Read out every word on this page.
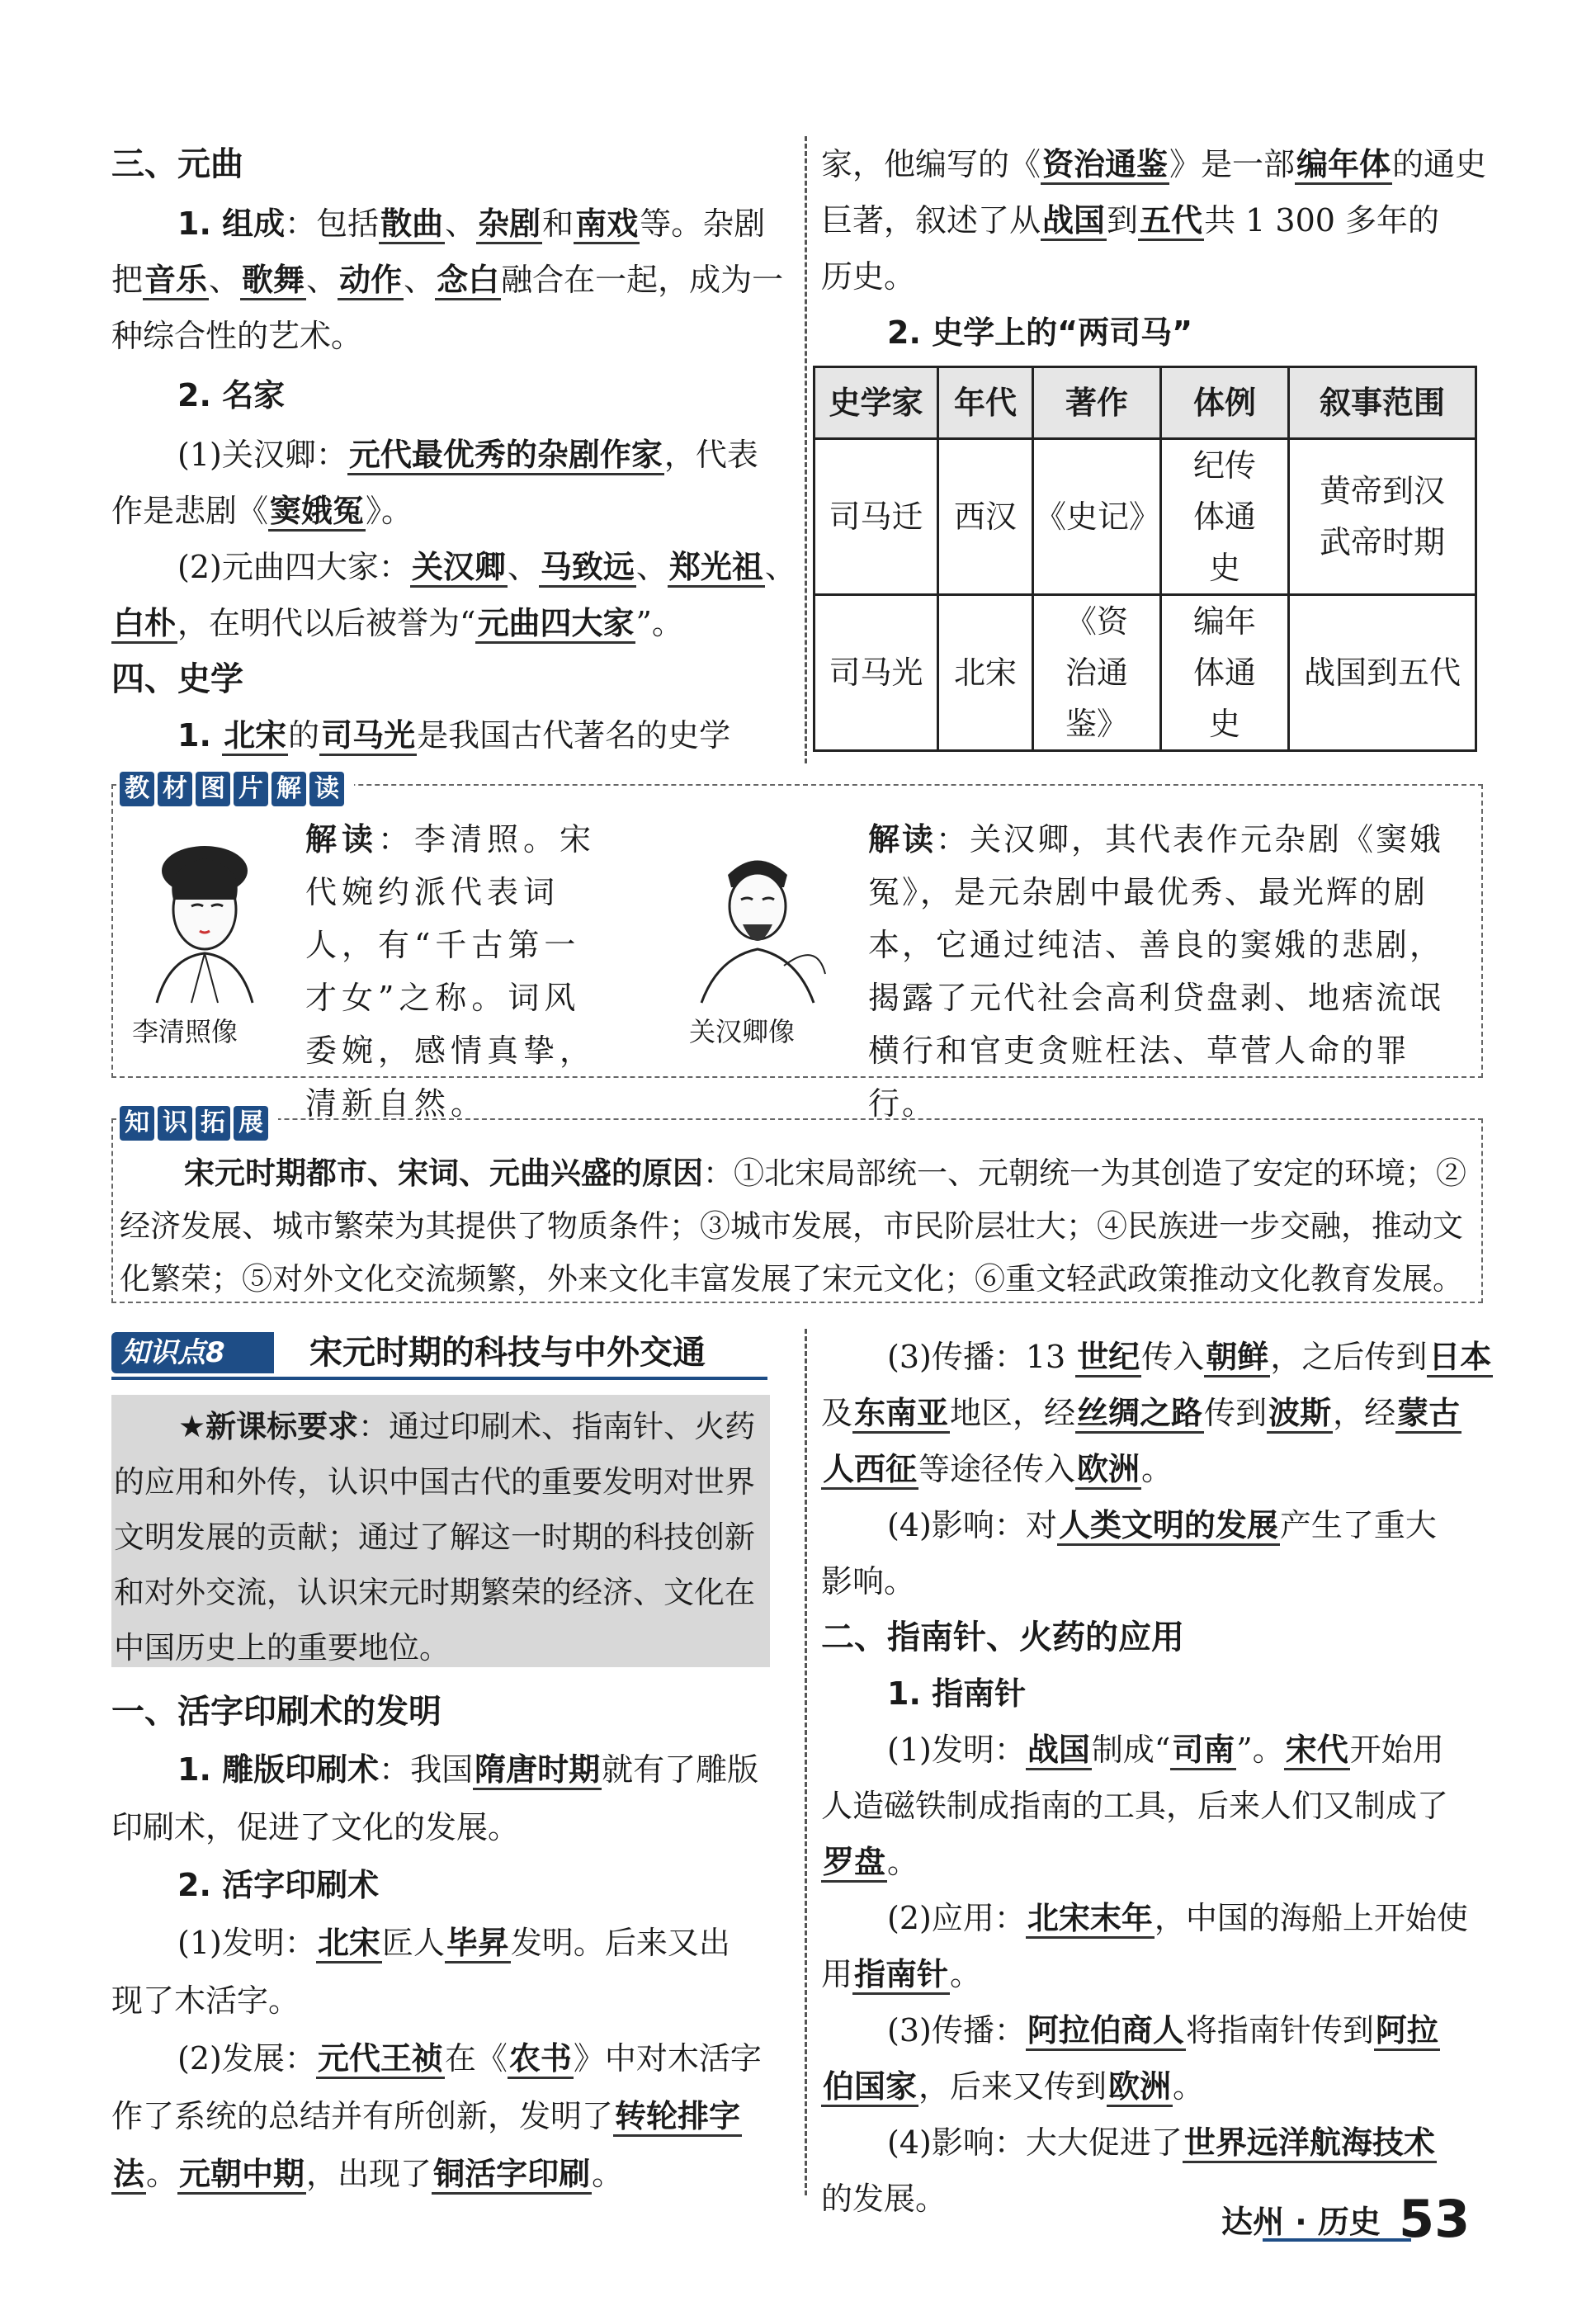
三、元曲
1. 组成：包括散曲、杂剧和南戏等。杂剧
把音乐、歌舞、动作、念白融合在一起，成为一
种综合性的艺术。
2. 名家
(1)关汉卿：元代最优秀的杂剧作家，代表
作是悲剧《窦娥冤》。
(2)元曲四大家：关汉卿、马致远、郑光祖、
白朴，在明代以后被誉为“元曲四大家”。
四、史学
1. 北宋的司马光是我国古代著名的史学
家，他编写的《资治通鉴》是一部编年体的通史
巨著，叙述了从战国到五代共 1 300 多年的
历史。
2. 史学上的“两司马”
史学家	年代	著作	体例	叙事范围
司马迁	西汉	《史记》	纪传体通史	黄帝到汉武帝时期
司马光	北宋	《资治通鉴》	编年体通史	战国到五代
教 材 图 片 解 读
李清照像
解读：李清照。宋代婉约派代表词人，有“千古第一才女”之称。词风委婉，感情真挚，清新自然。
关汉卿像
解读：关汉卿，其代表作元杂剧《窦娥冤》，是元杂剧中最优秀、最光辉的剧本，它通过纯洁、善良的窦娥的悲剧，揭露了元代社会高利贷盘剥、地痞流氓横行和官吏贪赃枉法、草菅人命的罪行。
知 识 拓 展
宋元时期都市、宋词、元曲兴盛的原因：①北宋局部统一、元朝统一为其创造了安定的环境；②经济发展、城市繁荣为其提供了物质条件；③城市发展，市民阶层壮大；④民族进一步交融，推动文化繁荣；⑤对外文化交流频繁，外来文化丰富发展了宋元文化；⑥重文轻武政策推动文化教育发展。
知识点8	宋元时期的科技与中外交通
★新课标要求：通过印刷术、指南针、火药的应用和外传，认识中国古代的重要发明对世界文明发展的贡献；通过了解这一时期的科技创新和对外交流，认识宋元时期繁荣的经济、文化在中国历史上的重要地位。
一、活字印刷术的发明
1. 雕版印刷术：我国隋唐时期就有了雕版
印刷术，促进了文化的发展。
2. 活字印刷术
(1)发明：北宋匠人毕昇发明。后来又出
现了木活字。
(2)发展：元代王祯在《农书》中对木活字
作了系统的总结并有所创新，发明了转轮排字
法。元朝中期，出现了铜活字印刷。
(3)传播：13 世纪传入朝鲜，之后传到日本
及东南亚地区，经丝绸之路传到波斯，经蒙古
人西征等途径传入欧洲。
(4)影响：对人类文明的发展产生了重大
影响。
二、指南针、火药的应用
1. 指南针
(1)发明：战国制成“司南”。宋代开始用
人造磁铁制成指南的工具，后来人们又制成了
罗盘。
(2)应用：北宋末年，中国的海船上开始使
用指南针。
(3)传播：阿拉伯商人将指南针传到阿拉
伯国家，后来又传到欧洲。
(4)影响：大大促进了世界远洋航海技术
的发展。
达州 · 历史 53
